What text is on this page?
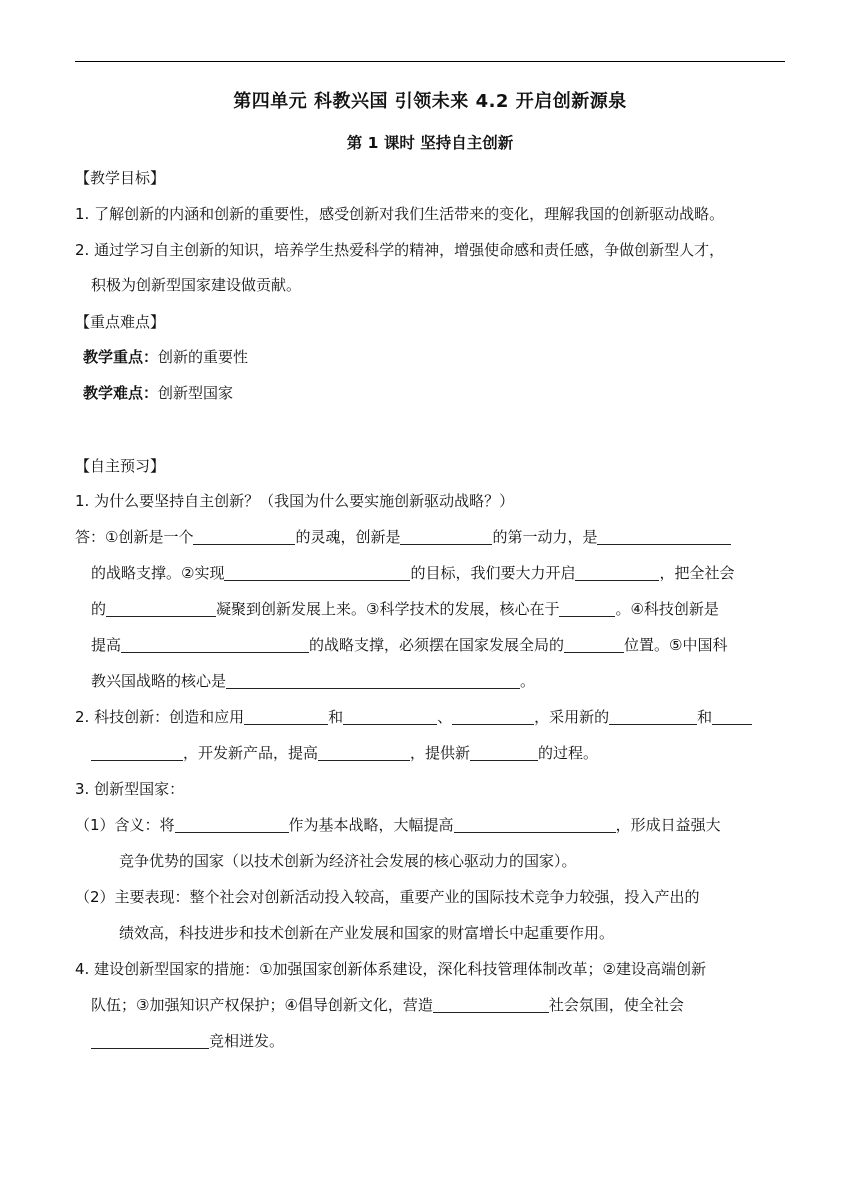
第四单元 科教兴国 引领未来 4.2 开启创新源泉
第 1 课时 坚持自主创新
【教学目标】
1. 了解创新的内涵和创新的重要性，感受创新对我们生活带来的变化，理解我国的创新驱动战略。
2. 通过学习自主创新的知识，培养学生热爱科学的精神，增强使命感和责任感，争做创新型人才，
积极为创新型国家建设做贡献。
【重点难点】
教学重点：创新的重要性
教学难点：创新型国家
【自主预习】
1. 为什么要坚持自主创新？（我国为什么要实施创新驱动战略？）
答：①创新是一个	的灵魂，创新是	的第一动力，是
的战略支撑。②实现	的目标，我们要大力开启	，把全社会
的	凝聚到创新发展上来。③科学技术的发展，核心在于	。④科技创新是
提高	的战略支撑，必须摆在国家发展全局的	位置。⑤中国科
教兴国战略的核心是	。
2. 科技创新：创造和应用	和	、	，采用新的	和
，开发新产品，提高	，提供新	的过程。
3. 创新型国家：
（1）含义：将	作为基本战略，大幅提高	，形成日益强大
竞争优势的国家（以技术创新为经济社会发展的核心驱动力的国家）。
（2）主要表现：整个社会对创新活动投入较高，重要产业的国际技术竞争力较强，投入产出的
绩效高，科技进步和技术创新在产业发展和国家的财富增长中起重要作用。
4. 建设创新型国家的措施：①加强国家创新体系建设，深化科技管理体制改革；②建设高端创新
队伍；③加强知识产权保护；④倡导创新文化，营造	社会氛围，使全社会
竞相迸发。
